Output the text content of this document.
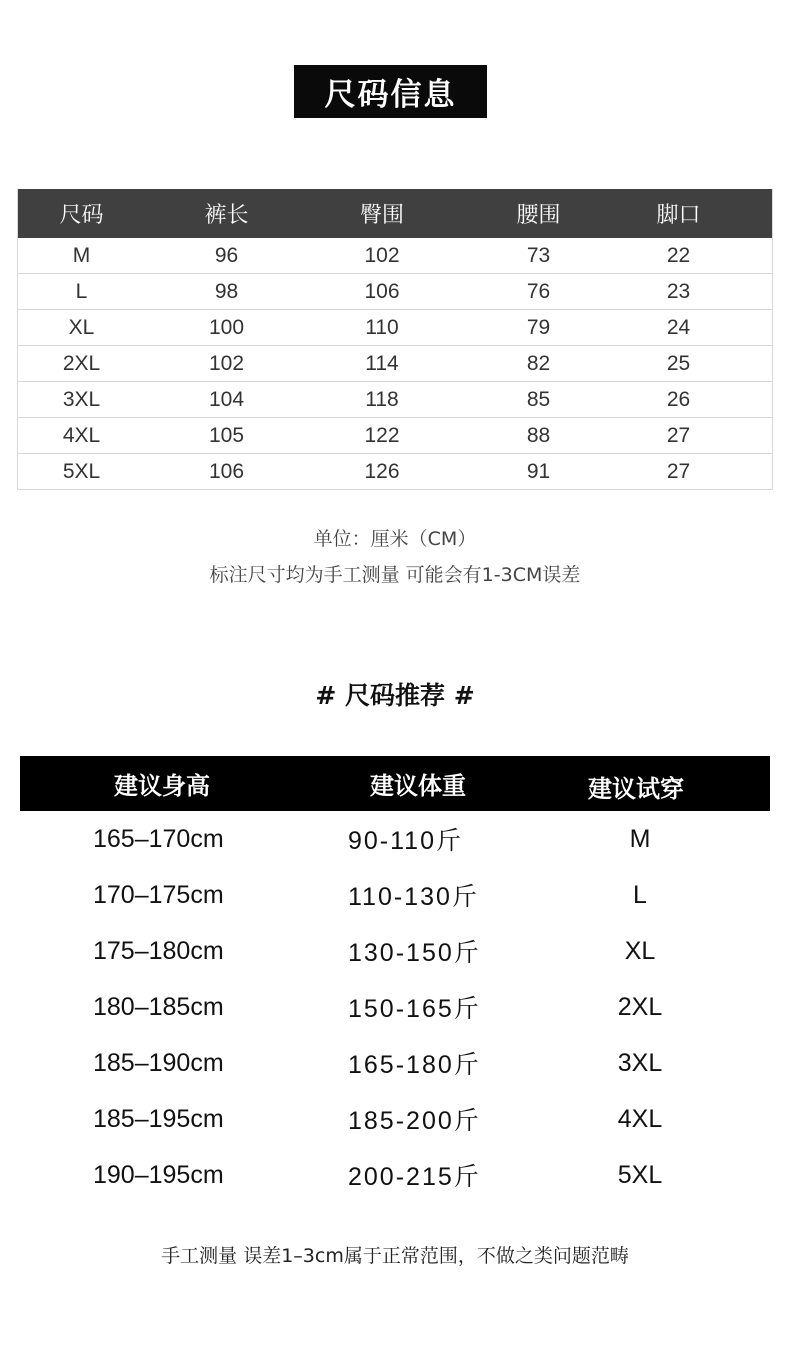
尺码信息
尺码	裤长	臀围	腰围	脚口
M	96	102	73	22
L	98	106	76	23
XL	100	110	79	24
2XL	102	114	82	25
3XL	104	118	85	26
4XL	105	122	88	27
5XL	106	126	91	27
单位：厘米（CM）
标注尺寸均为手工测量 可能会有1-3CM误差
# 尺码推荐 #
建议身高	建议体重	建议试穿
165–170cm	90-110斤	M
170–175cm	110-130斤	L
175–180cm	130-150斤	XL
180–185cm	150-165斤	2XL
185–190cm	165-180斤	3XL
185–195cm	185-200斤	4XL
190–195cm	200-215斤	5XL
手工测量 误差1–3cm属于正常范围，不做之类问题范畴
